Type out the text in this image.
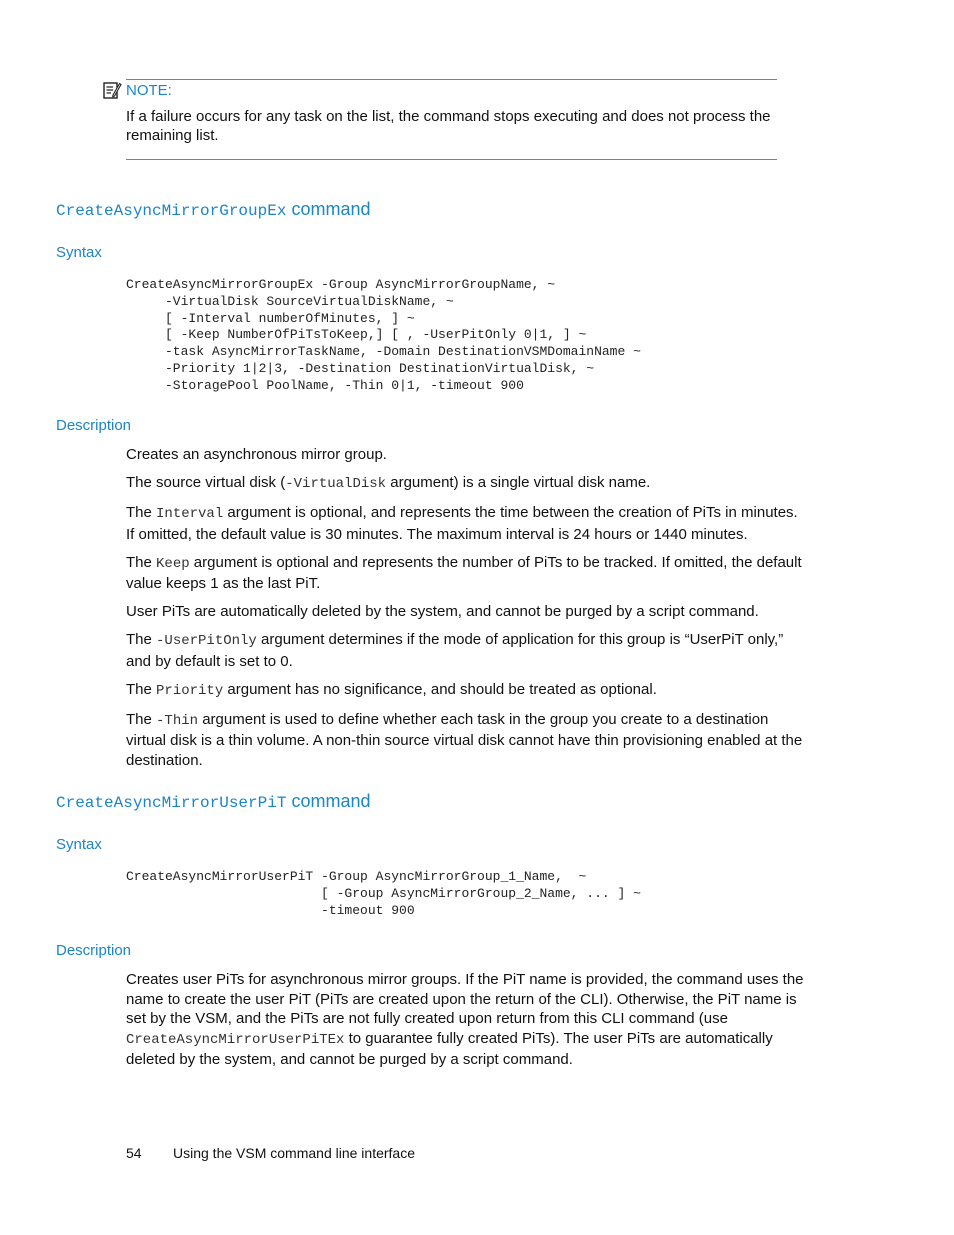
NOTE:
If a failure occurs for any task on the list, the command stops executing and does not process the remaining list.
CreateAsyncMirrorGroupEx command
Syntax
CreateAsyncMirrorGroupEx -Group AsyncMirrorGroupName, ~
-VirtualDisk SourceVirtualDiskName, ~
[ -Interval numberOfMinutes, ] ~
[ -Keep NumberOfPiTsToKeep,] [ , -UserPitOnly 0|1, ] ~
-task AsyncMirrorTaskName, -Domain DestinationVSMDomainName ~
-Priority 1|2|3, -Destination DestinationVirtualDisk, ~
-StoragePool PoolName, -Thin 0|1, -timeout 900
Description

Creates an asynchronous mirror group.

The source virtual disk (-VirtualDisk argument) is a single virtual disk name.

The Interval argument is optional, and represents the time between the creation of PiTs in minutes. If omitted, the default value is 30 minutes. The maximum interval is 24 hours or 1440 minutes.

The Keep argument is optional and represents the number of PiTs to be tracked. If omitted, the default value keeps 1 as the last PiT.

User PiTs are automatically deleted by the system, and cannot be purged by a script command.

The -UserPitOnly argument determines if the mode of application for this group is “UserPiT only,” and by default is set to 0.

The Priority argument has no significance, and should be treated as optional.

The -Thin argument is used to define whether each task in the group you create to a destination virtual disk is a thin volume. A non-thin source virtual disk cannot have thin provisioning enabled at the destination.

CreateAsyncMirrorUserPiT command
Syntax
CreateAsyncMirrorUserPiT -Group AsyncMirrorGroup_1_Name,  ~
[ -Group AsyncMirrorGroup_2_Name, ... ] ~
-timeout 900
Description

Creates user PiTs for asynchronous mirror groups. If the PiT name is provided, the command uses the name to create the user PiT (PiTs are created upon the return of the CLI). Otherwise, the PiT name is set by the VSM, and the PiTs are not fully created upon return from this CLI command (use CreateAsyncMirrorUserPiTEx to guarantee fully created PiTs). The user PiTs are automatically deleted by the system, and cannot be purged by a script command.

54 Using the VSM command line interface
